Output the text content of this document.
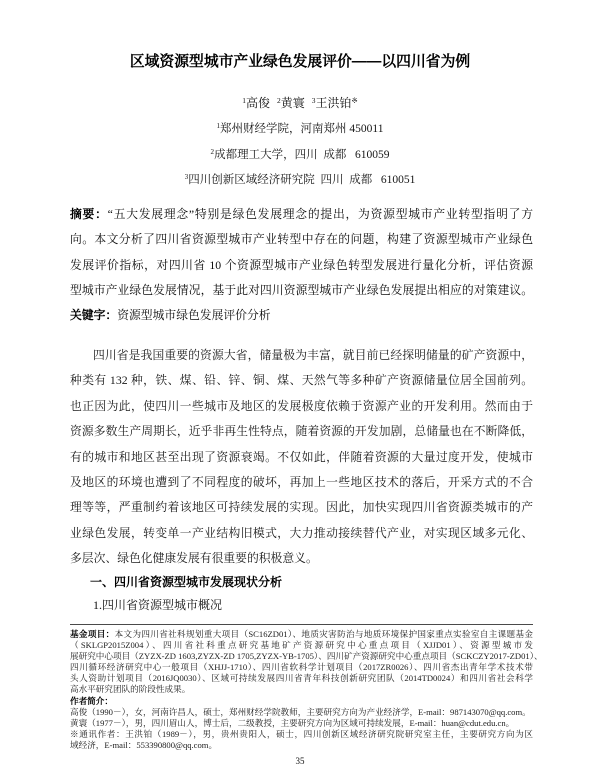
区域资源型城市产业绿色发展评价——以四川省为例
$^1$高俊 $^2$黄寰 $^3$王洪铂※
$^1$郑州财经学院，河南郑州 450011
$^2$成都理工大学，四川  成都   610059
$^3$四川创新区域经济研究院  四川  成都   610051
摘要：“五大发展理念”特别是绿色发展理念的提出，为资源型城市产业转型指明了方
向。本文分析了四川省资源型城市产业转型中存在的问题，构建了资源型城市产业绿色
发展评价指标，对四川省 10 个资源型城市产业绿色转型发展进行量化分析，评估资源
型城市产业绿色发展情况，基于此对四川资源型城市产业绿色发展提出相应的对策建议。
关键字：资源型城市绿色发展评价分析
四川省是我国重要的资源大省，储量极为丰富，就目前已经探明储量的矿产资源中，
种类有 132 种，铁、煤、铅、锌、铜、煤、天然气等多种矿产资源储量位居全国前列。
也正因为此，使四川一些城市及地区的发展极度依赖于资源产业的开发利用。然而由于
资源多数生产周期长，近乎非再生性特点，随着资源的开发加剧，总储量也在不断降低，
有的城市和地区甚至出现了资源衰竭。不仅如此，伴随着资源的大量过度开发，使城市
及地区的环境也遭到了不同程度的破坏，再加上一些地区技术的落后，开采方式的不合
理等等，严重制约着该地区可持续发展的实现。因此，加快实现四川省资源类城市的产
业绿色发展，转变单一产业结构旧模式，大力推动接续替代产业，对实现区域多元化、
多层次、绿色化健康发展有很重要的积极意义。
一、四川省资源型城市发展现状分析
1.四川省资源型城市概况
基金项目：本文为四川省社科规划重大项目（SC16ZD01）、地质灾害防治与地质环境保护国家重点实验室自主课题基金
（SKLGP2015Z004）、四川省社科重点研究基地矿产资源研究中心重点项目（XJJD01）、资源型城市发
展研究中心项目（ZYZX-ZD 1603,ZYZX-ZD 1705,ZYZX-YB-1705）、四川矿产资源研究中心重点项目（SCKCZY2017-ZD01）、
四川循环经济研究中心一般项目（XHJJ-1710）、四川省软科学计划项目（2017ZR0026）、四川省杰出青年学术技术带
头人资助计划项目（2016JQ0030）、区域可持续发展四川省青年科技创新研究团队（2014TD0024）和四川省社会科学
高水平研究团队的阶段性成果。
作者简介：
高俊（1990－），女，河南许昌人，硕士，郑州财经学院教师，主要研究方向为产业经济学，E-mail：987143070@qq.com。
黄寰（1977－），男，四川眉山人，博士后，二级教授，主要研究方向为区域可持续发展，E-mail：huan@cdut.edu.cn。
※通讯作者：王洪铂（1989－），男，贵州贵阳人，硕士，四川创新区域经济研究院研究室主任，主要研究方向为区
域经济，E-mail：553390800@qq.com。
35
